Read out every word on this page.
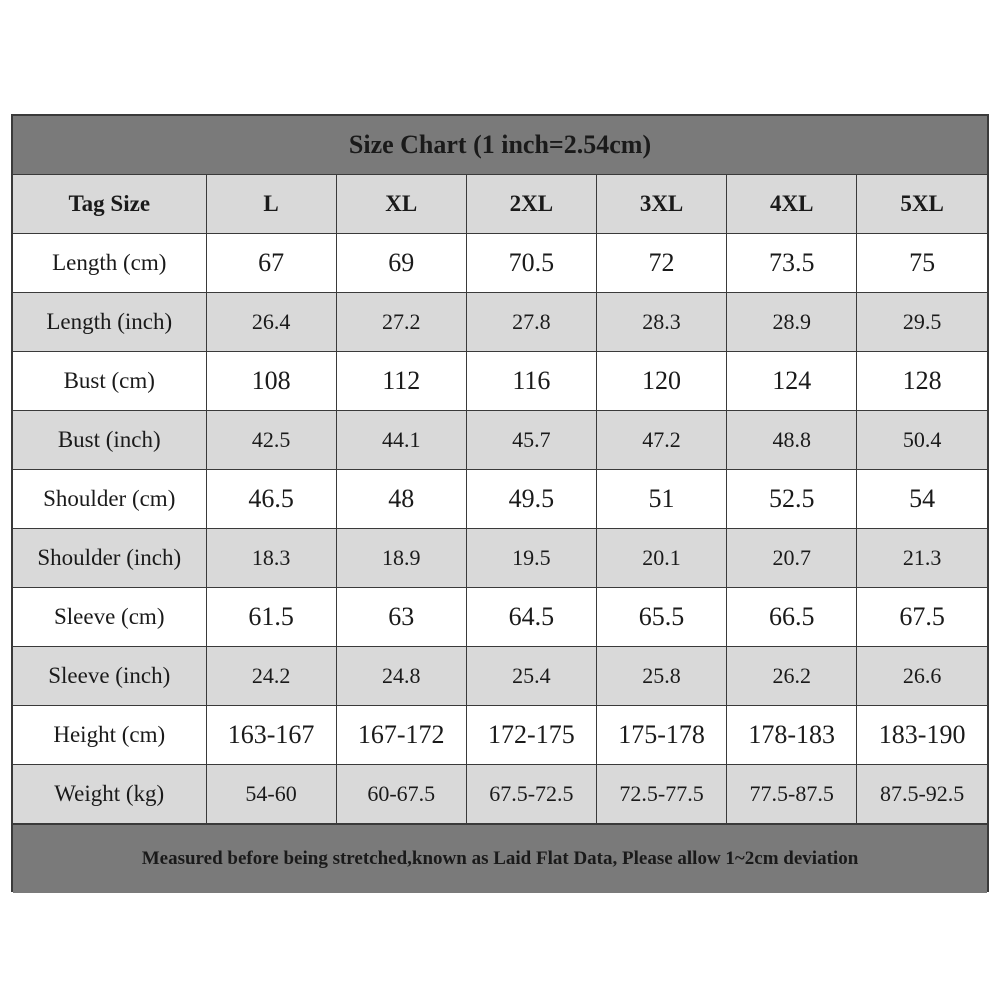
Size Chart (1 inch=2.54cm)
Tag Size	L	XL	2XL	3XL	4XL	5XL
Length (cm)	67	69	70.5	72	73.5	75
Length (inch)	26.4	27.2	27.8	28.3	28.9	29.5
Bust (cm)	108	112	116	120	124	128
Bust (inch)	42.5	44.1	45.7	47.2	48.8	50.4
Shoulder (cm)	46.5	48	49.5	51	52.5	54
Shoulder (inch)	18.3	18.9	19.5	20.1	20.7	21.3
Sleeve (cm)	61.5	63	64.5	65.5	66.5	67.5
Sleeve (inch)	24.2	24.8	25.4	25.8	26.2	26.6
Height (cm)	163-167	167-172	172-175	175-178	178-183	183-190
Weight (kg)	54-60	60-67.5	67.5-72.5	72.5-77.5	77.5-87.5	87.5-92.5
Measured before being stretched,known as Laid Flat Data, Please allow 1~2cm deviation
